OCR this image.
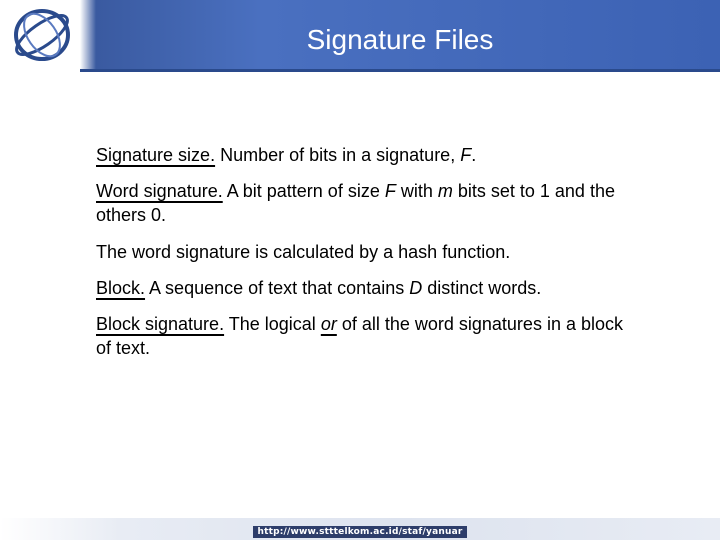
Signature Files

Signature size. Number of bits in a signature, F.

Word signature. A bit pattern of size F with m bits set to 1 and the others 0.

The word signature is calculated by a hash function.

Block. A sequence of text that contains D distinct words.

Block signature. The logical or of all the word signatures in a block of text.

http://www.stttelkom.ac.id/staf/yanuar
